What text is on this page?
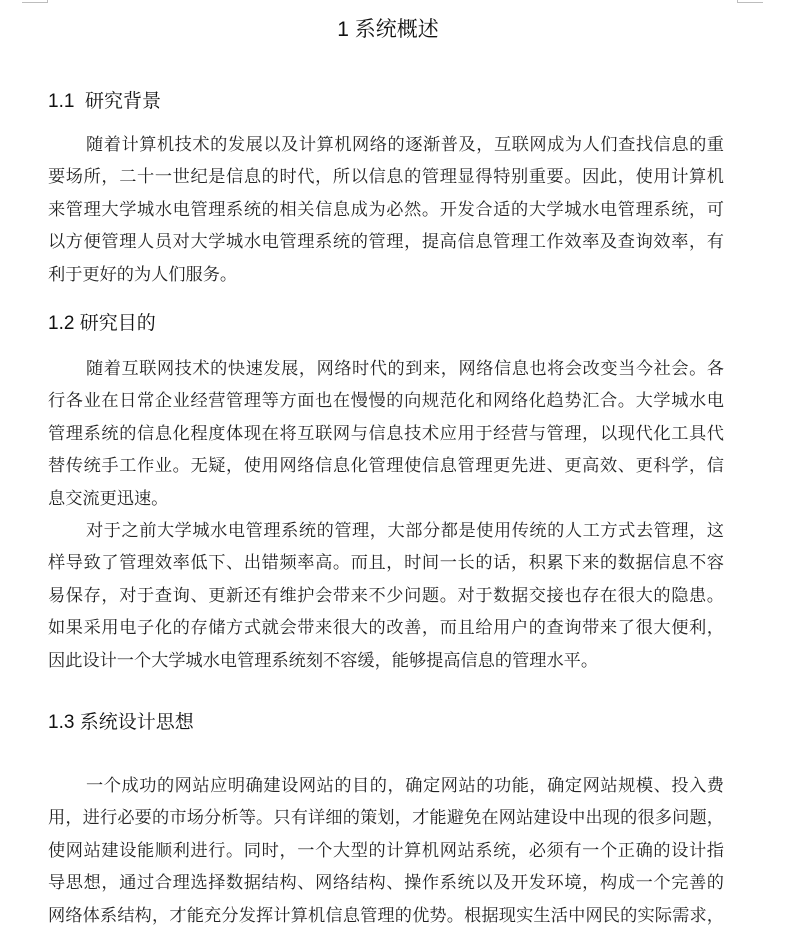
1 系统概述
1.1  研究背景

随着计算机技术的发展以及计算机网络的逐渐普及，互联网成为人们查找信息的重
要场所，二十一世纪是信息的时代，所以信息的管理显得特别重要。因此，使用计算机
来管理大学城水电管理系统的相关信息成为必然。开发合适的大学城水电管理系统，可
以方便管理人员对大学城水电管理系统的管理，提高信息管理工作效率及查询效率，有
利于更好的为人们服务。

1.2 研究目的

随着互联网技术的快速发展，网络时代的到来，网络信息也将会改变当今社会。各
行各业在日常企业经营管理等方面也在慢慢的向规范化和网络化趋势汇合。大学城水电
管理系统的信息化程度体现在将互联网与信息技术应用于经营与管理，以现代化工具代
替传统手工作业。无疑，使用网络信息化管理使信息管理更先进、更高效、更科学，信
息交流更迅速。

对于之前大学城水电管理系统的管理，大部分都是使用传统的人工方式去管理，这
样导致了管理效率低下、出错频率高。而且，时间一长的话，积累下来的数据信息不容
易保存，对于查询、更新还有维护会带来不少问题。对于数据交接也存在很大的隐患。
如果采用电子化的存储方式就会带来很大的改善，而且给用户的查询带来了很大便利，
因此设计一个大学城水电管理系统刻不容缓，能够提高信息的管理水平。

1.3 系统设计思想

一个成功的网站应明确建设网站的目的，确定网站的功能，确定网站规模、投入费
用，进行必要的市场分析等。只有详细的策划，才能避免在网站建设中出现的很多问题，
使网站建设能顺利进行。同时，一个大型的计算机网站系统，必须有一个正确的设计指
导思想，通过合理选择数据结构、网络结构、操作系统以及开发环境，构成一个完善的
网络体系结构，才能充分发挥计算机信息管理的优势。根据现实生活中网民的实际需求，
